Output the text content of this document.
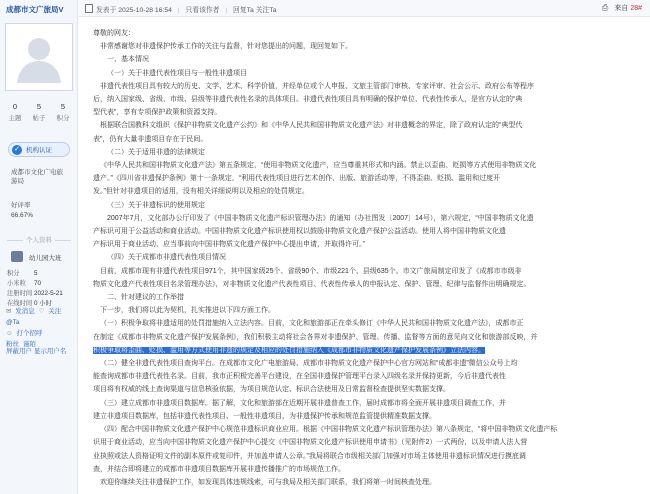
成都市文广旅局V
0
主题
5
帖子
5
积分
✓ 机构认证
成都市文化广电旅游局
好评率
66.67%
个人资料
幼儿园大班
积分	5
小米粒	70
注册时间 2022-5-21
在线时间 0 小时
✉ 发消息 ♡ 关注 @Ta
☺ 打个招呼
粉丝 谨陌
屏蔽用户 显示用户名
发表于 2025-10-28 16:54 | 只看该作者 | 回复Ta 关注Ta	⎙ 来自 28#

尊敬的网友：

非常感谢您对非遗保护传承工作的关注与监督，针对您提出的问题，现回复如下。

一、基本情况

（一）关于非遗代表性项目与一般性非遗项目

非遗代表性项目具有较大的历史、文学、艺术、科学价值，并经单位或个人申报、文旅主管部门审核、专家评审、社会公示、政府公布等程序

后，纳入国家级、省级、市级、县级等非遗代表性名录的具体项目。非遗代表性项目具有明确的保护单位、代表性传承人，是官方认定的“典

型代表”，享有专项保护政策和资源支持。

根据联合国教科文组织《保护非物质文化遗产公约》和《中华人民共和国非物质文化遗产法》对非遗概念的界定，除了政府认定的“典型代

表”，仍有大量非遗项目存在于民间。

（二）关于适用非遗的法律规定

《中华人民共和国非物质文化遗产法》第五条规定，“使用非物质文化遗产，应当尊重其形式和内涵。禁止以歪曲、贬损等方式使用非物质文化

遗产。”《四川省非遗保护条例》第十一条规定，“利用代表性项目进行艺术创作、出版、旅游活动等，不得歪曲、贬损、滥用和过度开

发。”但针对非遗项目的适用，没有相关详细说明以及相应的处罚规定。

（三）关于非遗标识的使用规定

2007年7月，文化部办公厅印发了《中国非物质文化遗产标识管理办法》的通知（办社图发〔2007〕14号），第六规定，“中国非物质文化遗

产标识可用于公益活动和商业活动。中国非物质文化遗产标识使用权以鼓励非物质文化遗产保护公益活动。使用人将中国非物质文化遗

产标识用于商业活动，应当事前向中国非物质文化遗产保护中心提出申请，并取得许可。”

（四）关于成都市非遗代表性项目情况

目前，成都市现有非遗代表性项目971个，其中国家级25个、省级90个、市级221个、县级635个。市文广旅局制定印发了《成都市市级非

物质文化遗产代表性项目名录管理办法》，对非物质文化遗产代表性项目、代表性传承人的申报认定、保护、管理、纪律与监督作出明确规定。

二、针对建议的工作举措

下一步，我们将以此为契机，扎实推进以下四方面工作。

（一）积极争取将非遗适用的处罚措施纳入立法内容。目前，文化和旅游部正在牵头修订《中华人民共和国非物质文化遗产法》，成都市正

在制定《成都市非物质文化遗产保护发展条例》，我们积极主动将社会各界对非遗保护、管理、传播、监督等方面的意见向文化和旅游部反映，并

积极争取将歪曲、贬损、滥用等方式使用非遗的规定及相应的处罚措施纳入《成都市非物质文化遗产保护发展条例》立法内容。

（二）健全非遗代表性项目查询平台。在成都市文化广电旅游局、成都市非物质文化遗产保护中心官方网站和“成都非遗”微信公众号上均

能查询成都市非遗代表性名录。目前，我市正积极完善平台建设，在全国非遗保护管理平台录入四级名录并保持更新，今后非遗代表性

项目将有权威的线上查询渠道与信息核验依据，为项目规范认定、标识合法使用及日常监督检查提供坚实数据支撑。

（三）建立成都市非遗项目数据库。据了解，文化和旅游部在近期开展非遗普查工作，届时成都市将全面开展非遗项目调查工作，并

建立非遗项目数据库，包括非遗代表性项目、一般性非遗项目，为非遗保护传承和规范监管提供精准数据支撑。

（四）配合中国非物质文化遗产保护中心规范非遗标识商业应用。根据《中国非物质文化遗产标识管理办法》第八条规定，“将中国非物质文化遗产标

识用于商业活动，应当向中国非物质文化遗产保护中心提交《中国非物质文化遗产标识使用申请书》（见附件2）一式两份，以及申请人法人营

业执照或法人资格证明文件的副本原件或复印件，并加盖申请人公章。”我局将联合市级相关部门加强对市场主体使用非遗标识情况进行摸底调

查，并结合即将建立的成都市非遗项目数据库开展非遗传播推广的市场规范工作。

欢迎你继续关注非遗保护工作，如发现具体违规线索，可与我局及相关部门联系，我们将第一时间核查处理。
